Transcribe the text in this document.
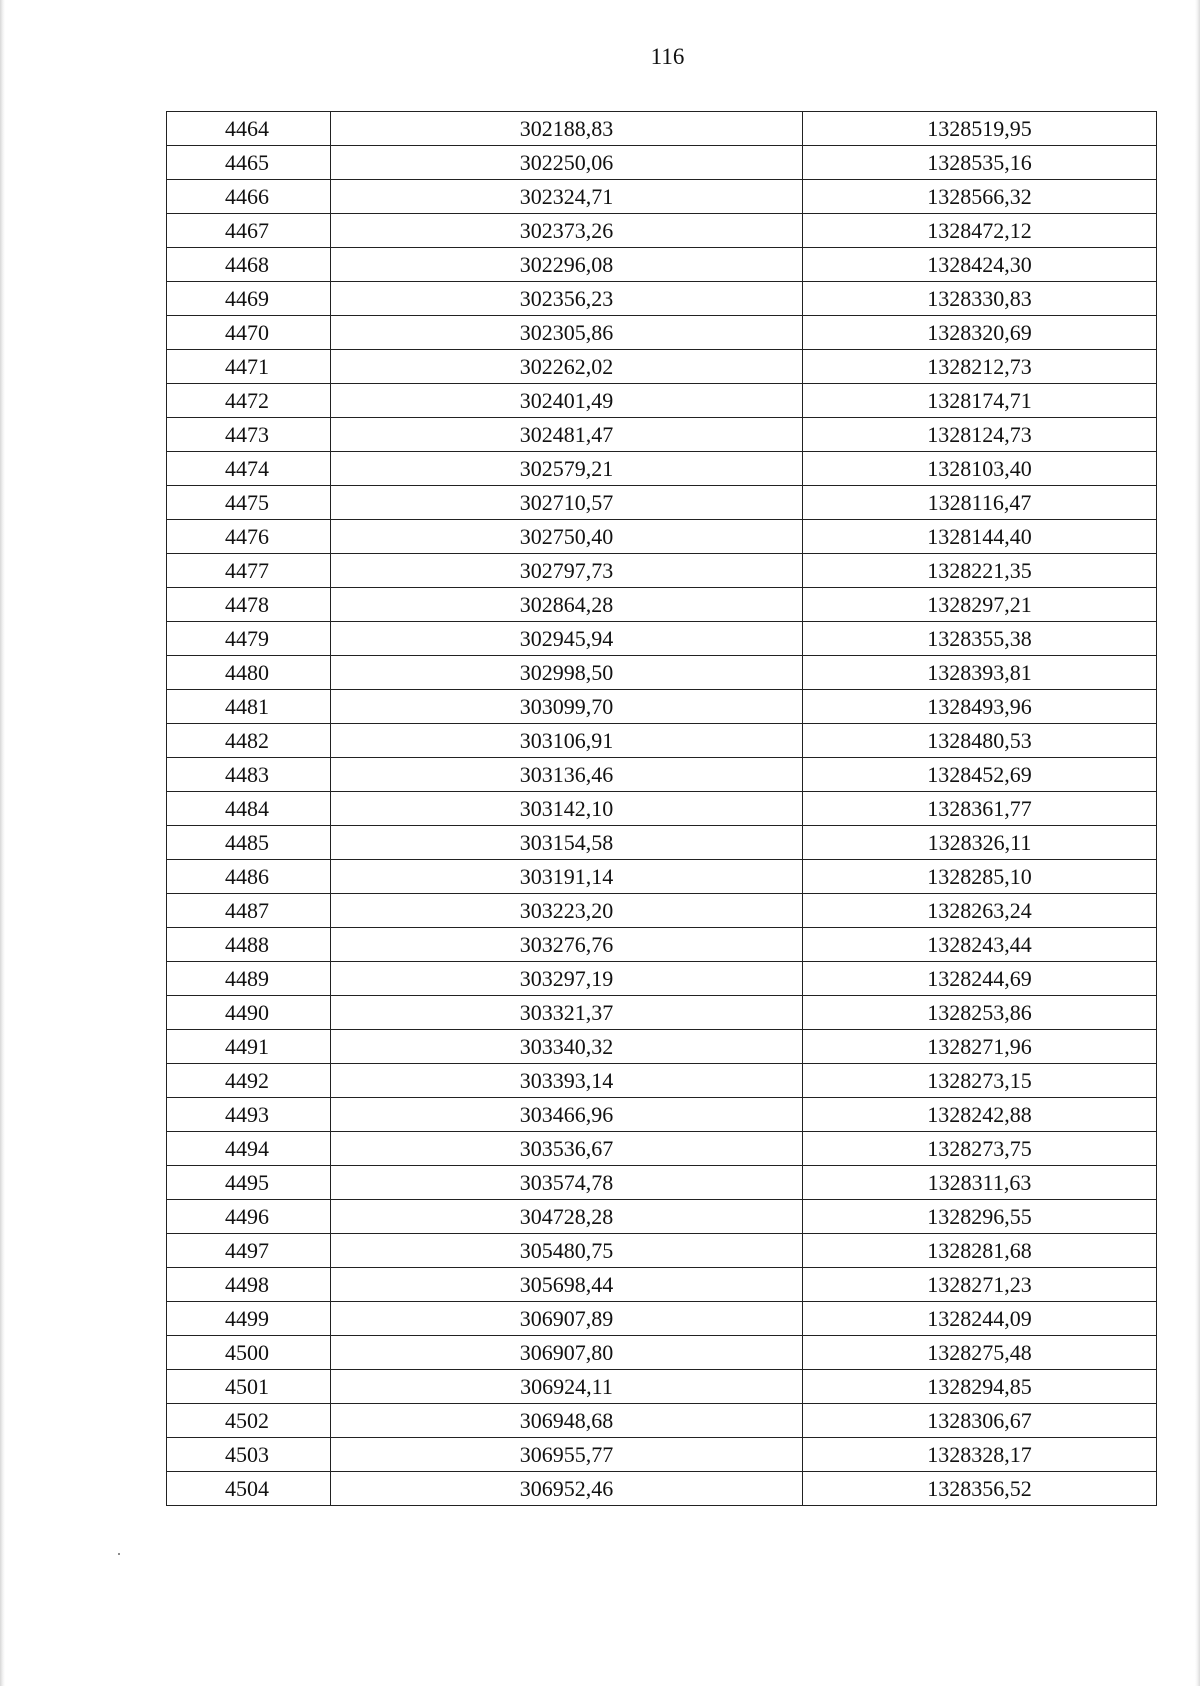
116
4464	302188,83	1328519,95
4465	302250,06	1328535,16
4466	302324,71	1328566,32
4467	302373,26	1328472,12
4468	302296,08	1328424,30
4469	302356,23	1328330,83
4470	302305,86	1328320,69
4471	302262,02	1328212,73
4472	302401,49	1328174,71
4473	302481,47	1328124,73
4474	302579,21	1328103,40
4475	302710,57	1328116,47
4476	302750,40	1328144,40
4477	302797,73	1328221,35
4478	302864,28	1328297,21
4479	302945,94	1328355,38
4480	302998,50	1328393,81
4481	303099,70	1328493,96
4482	303106,91	1328480,53
4483	303136,46	1328452,69
4484	303142,10	1328361,77
4485	303154,58	1328326,11
4486	303191,14	1328285,10
4487	303223,20	1328263,24
4488	303276,76	1328243,44
4489	303297,19	1328244,69
4490	303321,37	1328253,86
4491	303340,32	1328271,96
4492	303393,14	1328273,15
4493	303466,96	1328242,88
4494	303536,67	1328273,75
4495	303574,78	1328311,63
4496	304728,28	1328296,55
4497	305480,75	1328281,68
4498	305698,44	1328271,23
4499	306907,89	1328244,09
4500	306907,80	1328275,48
4501	306924,11	1328294,85
4502	306948,68	1328306,67
4503	306955,77	1328328,17
4504	306952,46	1328356,52
